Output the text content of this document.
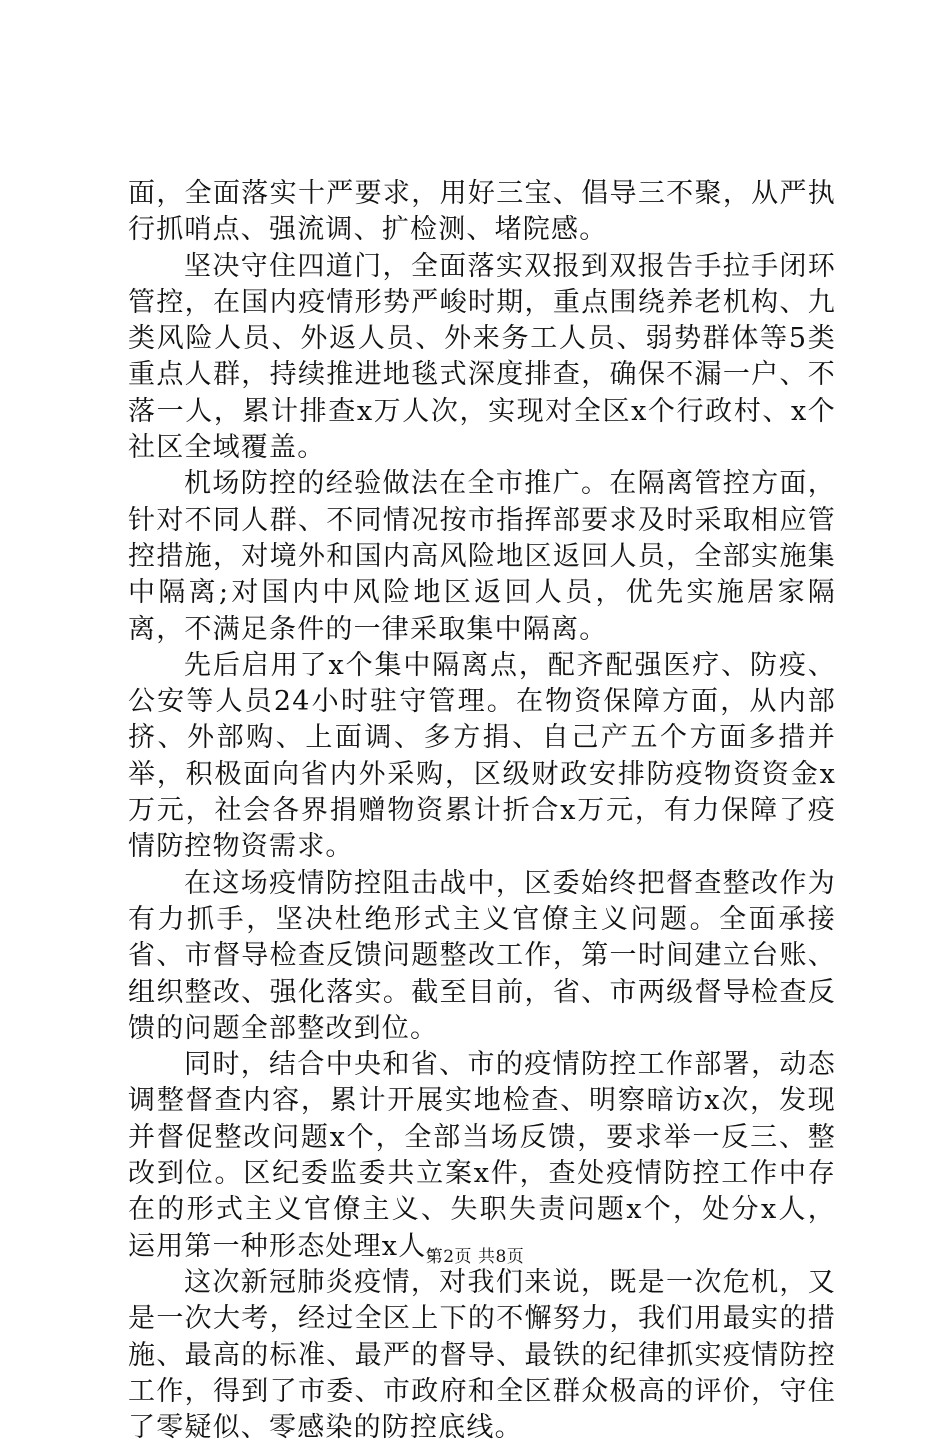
面，全面落实十严要求，用好三宝、倡导三不聚，从严执行抓哨点、强流调、扩检测、堵院感。

坚决守住四道门，全面落实双报到双报告手拉手闭环管控，在国内疫情形势严峻时期，重点围绕养老机构、九类风险人员、外返人员、外来务工人员、弱势群体等5类重点人群，持续推进地毯式深度排查，确保不漏一户、不落一人，累计排查x万人次，实现对全区x个行政村、x个社区全域覆盖。

机场防控的经验做法在全市推广。在隔离管控方面，针对不同人群、不同情况按市指挥部要求及时采取相应管控措施，对境外和国内高风险地区返回人员，全部实施集中隔离;对国内中风险地区返回人员，优先实施居家隔离，不满足条件的一律采取集中隔离。

先后启用了x个集中隔离点，配齐配强医疗、防疫、公安等人员24小时驻守管理。在物资保障方面，从内部挤、外部购、上面调、多方捐、自己产五个方面多措并举，积极面向省内外采购，区级财政安排防疫物资资金x万元，社会各界捐赠物资累计折合x万元，有力保障了疫情防控物资需求。

在这场疫情防控阻击战中，区委始终把督查整改作为有力抓手，坚决杜绝形式主义官僚主义问题。全面承接省、市督导检查反馈问题整改工作，第一时间建立台账、组织整改、强化落实。截至目前，省、市两级督导检查反馈的问题全部整改到位。

同时，结合中央和省、市的疫情防控工作部署，动态调整督查内容，累计开展实地检查、明察暗访x次，发现并督促整改问题x个，全部当场反馈，要求举一反三、整改到位。区纪委监委共立案x件，查处疫情防控工作中存在的形式主义官僚主义、失职失责问题x个，处分x人，运用第一种形态处理x人。

这次新冠肺炎疫情，对我们来说，既是一次危机，又是一次大考，经过全区上下的不懈努力，我们用最实的措施、最高的标准、最严的督导、最铁的纪律抓实疫情防控工作，得到了市委、市政府和全区群众极高的评价，守住了零疑似、零感染的防控底线。

第2页 共8页
